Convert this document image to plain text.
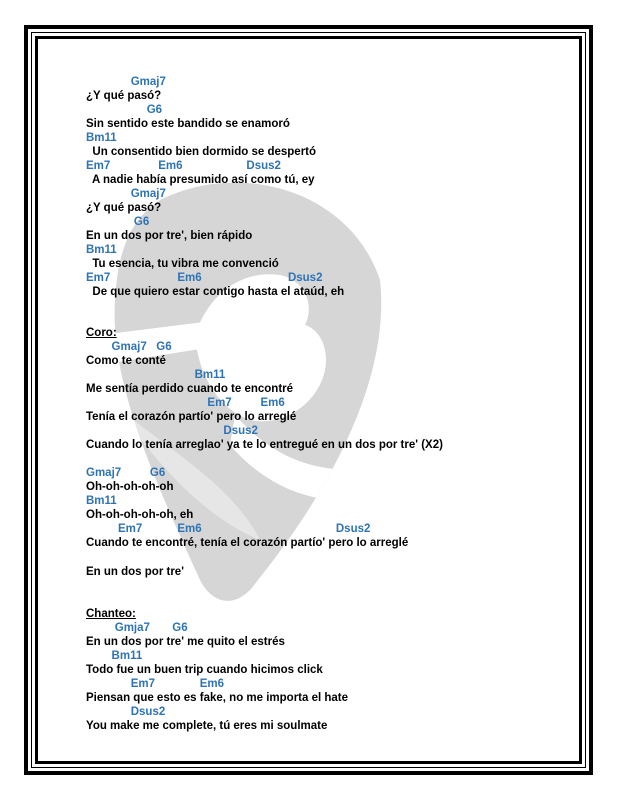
Gmaj7
¿Y qué pasó?
G6
Sin sentido este bandido se enamoró
Bm11
Un consentido bien dormido se despertó
Em7               Em6                    Dsus2
A nadie había presumido así como tú, ey
Gmaj7
¿Y qué pasó?
G6
En un dos por tre', bien rápido
Bm11
Tu esencia, tu vibra me convenció
Em7                     Em6                           Dsus2
De que quiero estar contigo hasta el ataúd, eh
Coro:
Gmaj7   G6
Como te conté
Bm11
Me sentía perdido cuando te encontré
Em7         Em6
Tenía el corazón partío' pero lo arreglé
Dsus2
Cuando lo tenía arreglao' ya te lo entregué en un dos por tre' (X2)
Gmaj7         G6
Oh-oh-oh-oh-oh
Bm11
Oh-oh-oh-oh-oh, eh
Em7           Em6                                          Dsus2
Cuando te encontré, tenía el corazón partío' pero lo arreglé
En un dos por tre'
Chanteo:
Gmja7       G6
En un dos por tre' me quito el estrés
Bm11
Todo fue un buen trip cuando hicimos click
Em7              Em6
Piensan que esto es fake, no me importa el hate
Dsus2
You make me complete, tú eres mi soulmate
